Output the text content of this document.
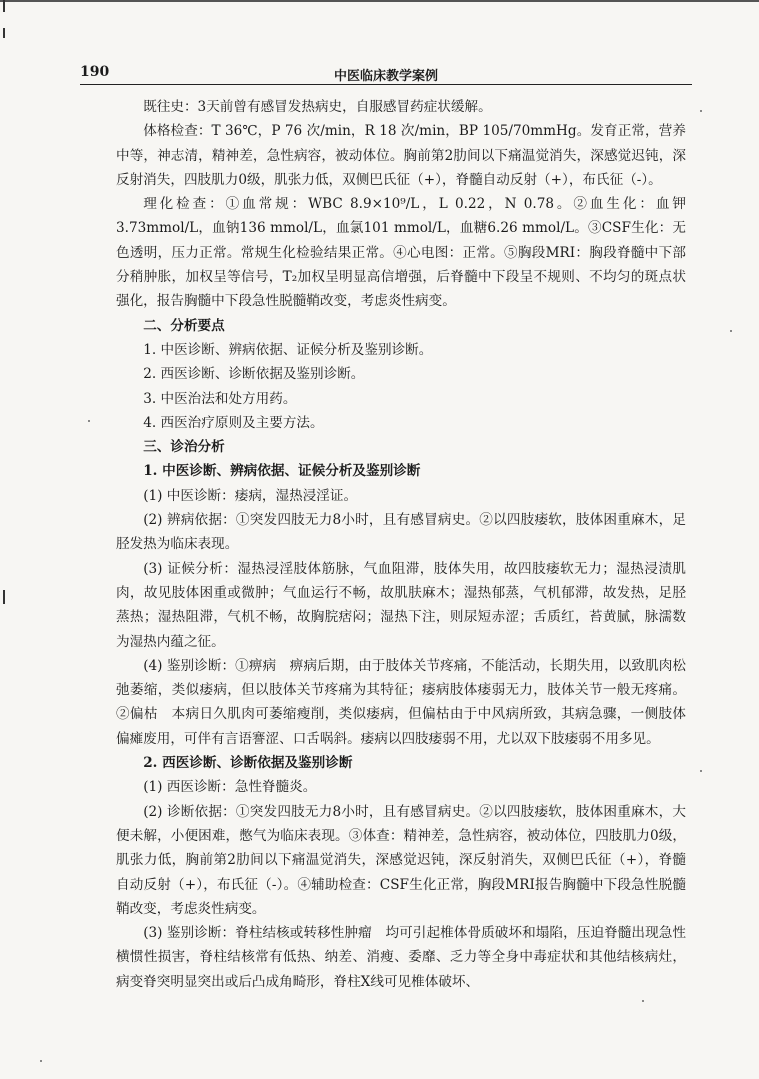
190	中医临床教学案例

既往史：3天前曾有感冒发热病史，自服感冒药症状缓解。

体格检查：T 36℃，P 76 次/min，R 18 次/min，BP 105/70mmHg。发育正常，营养中等，神志清，精神差，急性病容，被动体位。胸前第2肋间以下痛温觉消失，深感觉迟钝，深反射消失，四肢肌力0级，肌张力低，双侧巴氏征（+），脊髓自动反射（+），布氏征（-）。

理化检查：①血常规：WBC 8.9×10⁹/L，L 0.22，N 0.78。②血生化：血钾3.73mmol/L，血钠136 mmol/L，血氯101 mmol/L，血糖6.26 mmol/L。③CSF生化：无色透明，压力正常。常规生化检验结果正常。④心电图：正常。⑤胸段MRI：胸段脊髓中下部分稍肿胀，加权呈等信号，T₂加权呈明显高信增强，后脊髓中下段呈不规则、不均匀的斑点状强化，报告胸髓中下段急性脱髓鞘改变，考虑炎性病变。

二、分析要点

1. 中医诊断、辨病依据、证候分析及鉴别诊断。

2. 西医诊断、诊断依据及鉴别诊断。

3. 中医治法和处方用药。

4. 西医治疗原则及主要方法。

三、诊治分析

1. 中医诊断、辨病依据、证候分析及鉴别诊断

(1) 中医诊断：痿病，湿热浸淫证。

(2) 辨病依据：①突发四肢无力8小时，且有感冒病史。②以四肢痿软，肢体困重麻木，足胫发热为临床表现。

(3) 证候分析：湿热浸淫肢体筋脉，气血阻滞，肢体失用，故四肢痿软无力；湿热浸渍肌肉，故见肢体困重或微肿；气血运行不畅，故肌肤麻木；湿热郁蒸，气机郁滞，故发热，足胫蒸热；湿热阻滞，气机不畅，故胸脘痞闷；湿热下注，则尿短赤涩；舌质红，苔黄腻，脉濡数为湿热内蕴之征。

(4) 鉴别诊断：①痹病　痹病后期，由于肢体关节疼痛，不能活动，长期失用，以致肌肉松弛萎缩，类似痿病，但以肢体关节疼痛为其特征；痿病肢体痿弱无力，肢体关节一般无疼痛。②偏枯　本病日久肌肉可萎缩瘦削，类似痿病，但偏枯由于中风病所致，其病急骤，一侧肢体偏瘫废用，可伴有言语謇涩、口舌㖞斜。痿病以四肢痿弱不用，尤以双下肢痿弱不用多见。

2. 西医诊断、诊断依据及鉴别诊断

(1) 西医诊断：急性脊髓炎。

(2) 诊断依据：①突发四肢无力8小时，且有感冒病史。②以四肢痿软，肢体困重麻木，大便未解，小便困难，憋气为临床表现。③体查：精神差，急性病容，被动体位，四肢肌力0级，肌张力低，胸前第2肋间以下痛温觉消失，深感觉迟钝，深反射消失，双侧巴氏征（+），脊髓自动反射（+），布氏征（-）。④辅助检查：CSF生化正常，胸段MRI报告胸髓中下段急性脱髓鞘改变，考虑炎性病变。

(3) 鉴别诊断：脊柱结核或转移性肿瘤　均可引起椎体骨质破坏和塌陷，压迫脊髓出现急性横惯性损害，脊柱结核常有低热、纳差、消瘦、委靡、乏力等全身中毒症状和其他结核病灶，病变脊突明显突出或后凸成角畸形，脊柱X线可见椎体破坏、
